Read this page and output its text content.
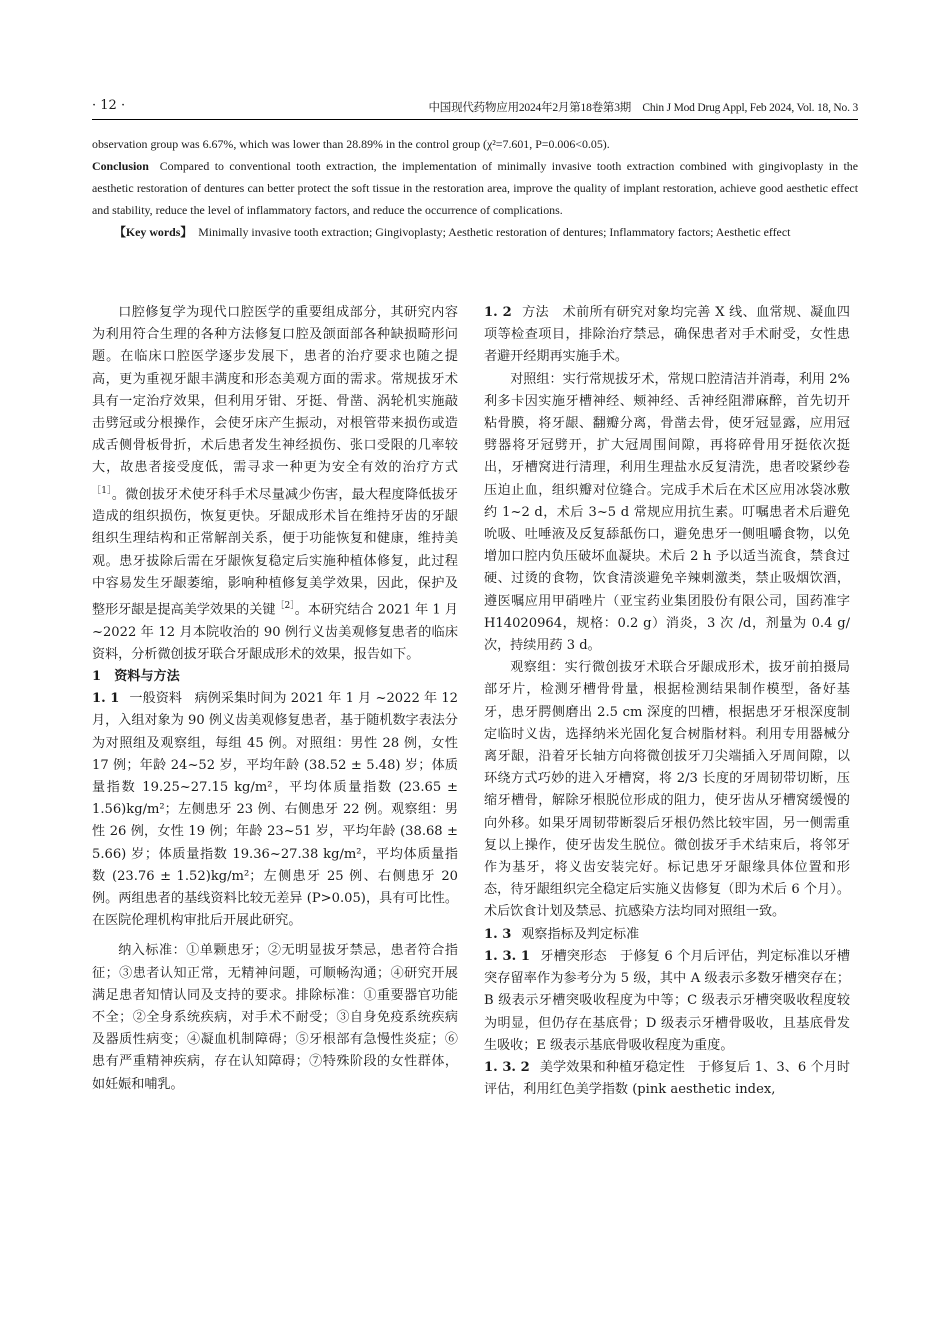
· 12 ·	中国现代药物应用2024年2月第18卷第3期　Chin J Mod Drug Appl, Feb 2024, Vol. 18, No. 3

observation group was 6.67%, which was lower than 28.89% in the control group (χ²=7.601, P=0.006<0.05).

Conclusion Compared to conventional tooth extraction, the implementation of minimally invasive tooth extraction combined with gingivoplasty in the aesthetic restoration of dentures can better protect the soft tissue in the restoration area, improve the quality of implant restoration, achieve good aesthetic effect and stability, reduce the level of inflammatory factors, and reduce the occurrence of complications.

【Key words】 Minimally invasive tooth extraction; Gingivoplasty; Aesthetic restoration of dentures; Inflammatory factors; Aesthetic effect

口腔修复学为现代口腔医学的重要组成部分，其研究内容为利用符合生理的各种方法修复口腔及颌面部各种缺损畸形问题。在临床口腔医学逐步发展下，患者的治疗要求也随之提高，更为重视牙龈丰满度和形态美观方面的需求。常规拔牙术具有一定治疗效果，但利用牙钳、牙挺、骨凿、涡轮机实施敲击劈冠或分根操作，会使牙床产生振动，对根管带来损伤或造成舌侧骨板骨折，术后患者发生神经损伤、张口受限的几率较大，故患者接受度低，需寻求一种更为安全有效的治疗方式$^{[1]}$。微创拔牙术使牙科手术尽量减少伤害，最大程度降低拔牙造成的组织损伤，恢复更快。牙龈成形术旨在维持牙齿的牙龈组织生理结构和正常解剖关系，便于功能恢复和健康，维持美观。患牙拔除后需在牙龈恢复稳定后实施种植体修复，此过程中容易发生牙龈萎缩，影响种植修复美学效果，因此，保护及整形牙龈是提高美学效果的关键$^{[2]}$。本研究结合 2021 年 1 月 ~2022 年 12 月本院收治的 90 例行义齿美观修复患者的临床资料，分析微创拔牙联合牙龈成形术的效果，报告如下。

1　资料与方法

1. 1 一般资料 病例采集时间为 2021 年 1 月 ~2022 年 12 月，入组对象为 90 例义齿美观修复患者，基于随机数字表法分为对照组及观察组，每组 45 例。对照组：男性 28 例，女性 17 例；年龄 24~52 岁，平均年龄 (38.52 ± 5.48) 岁；体质量指数 19.25~27.15 kg/m²，平均体质量指数 (23.65 ± 1.56)kg/m²；左侧患牙 23 例、右侧患牙 22 例。观察组：男性 26 例，女性 19 例；年龄 23~51 岁，平均年龄 (38.68 ± 5.66) 岁；体质量指数 19.36~27.38 kg/m²，平均体质量指数 (23.76 ± 1.52)kg/m²；左侧患牙 25 例、右侧患牙 20 例。两组患者的基线资料比较无差异 (P>0.05)，具有可比性。在医院伦理机构审批后开展此研究。

纳入标准：①单颗患牙；②无明显拔牙禁忌，患者符合指征；③患者认知正常，无精神问题，可顺畅沟通；④研究开展满足患者知情认同及支持的要求。排除标准：①重要器官功能不全；②全身系统疾病，对手术不耐受；③自身免疫系统疾病及器质性病变；④凝血机制障碍；⑤牙根部有急慢性炎症；⑥患有严重精神疾病，存在认知障碍；⑦特殊阶段的女性群体，如妊娠和哺乳。

1. 2 方法 术前所有研究对象均完善 X 线、血常规、凝血四项等检查项目，排除治疗禁忌，确保患者对手术耐受，女性患者避开经期再实施手术。

对照组：实行常规拔牙术，常规口腔清洁并消毒，利用 2% 利多卡因实施牙槽神经、颊神经、舌神经阻滞麻醉，首先切开粘骨膜，将牙龈、翻瓣分离，骨凿去骨，使牙冠显露，应用冠劈器将牙冠劈开，扩大冠周围间隙，再将碎骨用牙挺依次挺出，牙槽窝进行清理，利用生理盐水反复清洗，患者咬紧纱卷压迫止血，组织瓣对位缝合。完成手术后在术区应用冰袋冰敷约 1~2 d，术后 3~5 d 常规应用抗生素。叮嘱患者术后避免吮吸、吐唾液及反复舔舐伤口，避免患牙一侧咀嚼食物，以免增加口腔内负压破坏血凝块。术后 2 h 予以适当流食，禁食过硬、过烫的食物，饮食清淡避免辛辣刺激类，禁止吸烟饮酒，遵医嘱应用甲硝唑片（亚宝药业集团股份有限公司，国药准字 H14020964，规格：0.2 g）消炎，3 次 /d，剂量为 0.4 g/ 次，持续用药 3 d。

观察组：实行微创拔牙术联合牙龈成形术，拔牙前拍摄局部牙片，检测牙槽骨骨量，根据检测结果制作模型，备好基牙，患牙腭侧磨出 2.5 cm 深度的凹槽，根据患牙牙根深度制定临时义齿，选择纳米光固化复合树脂材料。利用专用器械分离牙龈，沿着牙长轴方向将微创拔牙刀尖端插入牙周间隙，以环绕方式巧妙的进入牙槽窝，将 2/3 长度的牙周韧带切断，压缩牙槽骨，解除牙根脱位形成的阻力，使牙齿从牙槽窝缓慢的向外移。如果牙周韧带断裂后牙根仍然比较牢固，另一侧需重复以上操作，使牙齿发生脱位。微创拔牙手术结束后，将邻牙作为基牙，将义齿安装完好。标记患牙牙龈缘具体位置和形态，待牙龈组织完全稳定后实施义齿修复（即为术后 6 个月）。术后饮食计划及禁忌、抗感染方法均同对照组一致。

1. 3 观察指标及判定标准

1. 3. 1 牙槽突形态 于修复 6 个月后评估，判定标准以牙槽突存留率作为参考分为 5 级，其中 A 级表示多数牙槽突存在；B 级表示牙槽突吸收程度为中等；C 级表示牙槽突吸收程度较为明显，但仍存在基底骨；D 级表示牙槽骨吸收，且基底骨发生吸收；E 级表示基底骨吸收程度为重度。

1. 3. 2 美学效果和种植牙稳定性 于修复后 1、3、6 个月时评估，利用红色美学指数 (pink aesthetic index,
